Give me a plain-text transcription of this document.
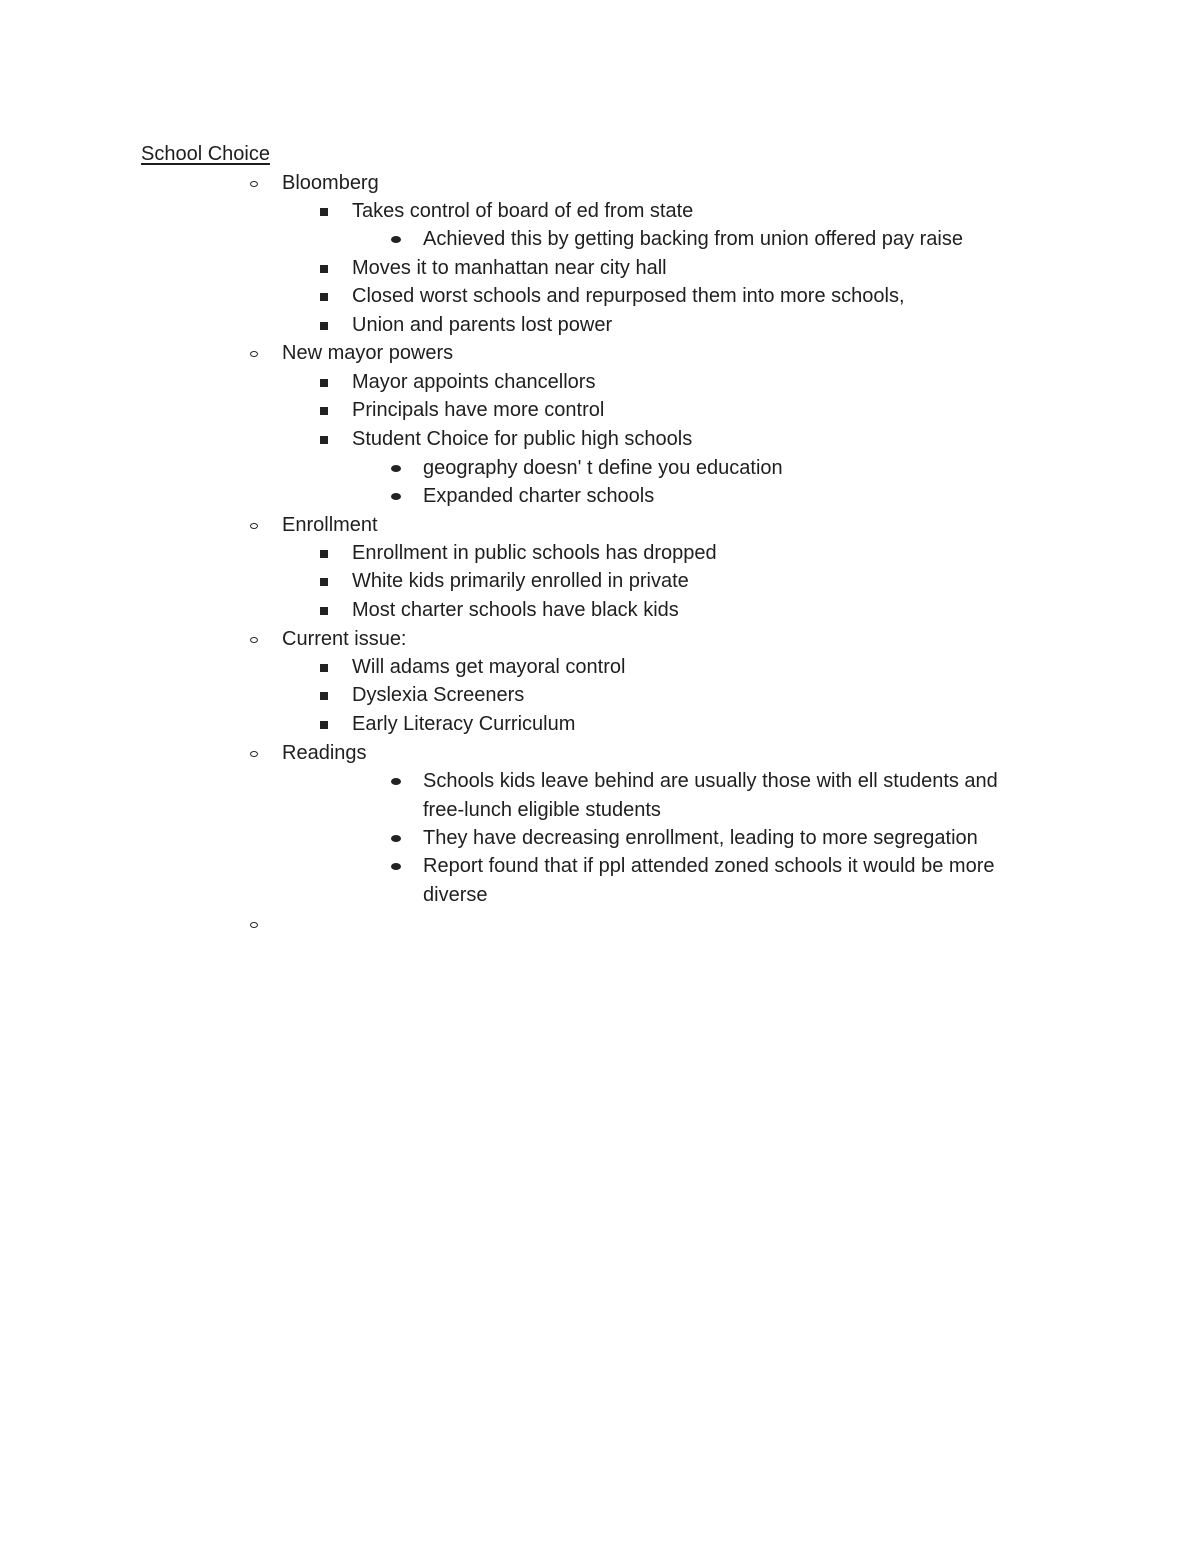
School Choice
Bloomberg
Takes control of board of ed from state
Achieved this by getting backing from union offered pay raise
Moves it to manhattan near city hall
Closed worst schools and repurposed them into more schools,
Union and parents lost power
New mayor powers
Mayor appoints chancellors
Principals have more control
Student Choice for public high schools
geography doesn' t define you education
Expanded charter schools
Enrollment
Enrollment in public schools has dropped
White kids primarily enrolled in private
Most charter schools have black kids
Current issue:
Will adams get mayoral control
Dyslexia Screeners
Early Literacy Curriculum
Readings
Schools kids leave behind are usually those with ell students and
free-lunch eligible students
They have decreasing enrollment, leading to more segregation
Report found that if ppl attended zoned schools it would be more
diverse
